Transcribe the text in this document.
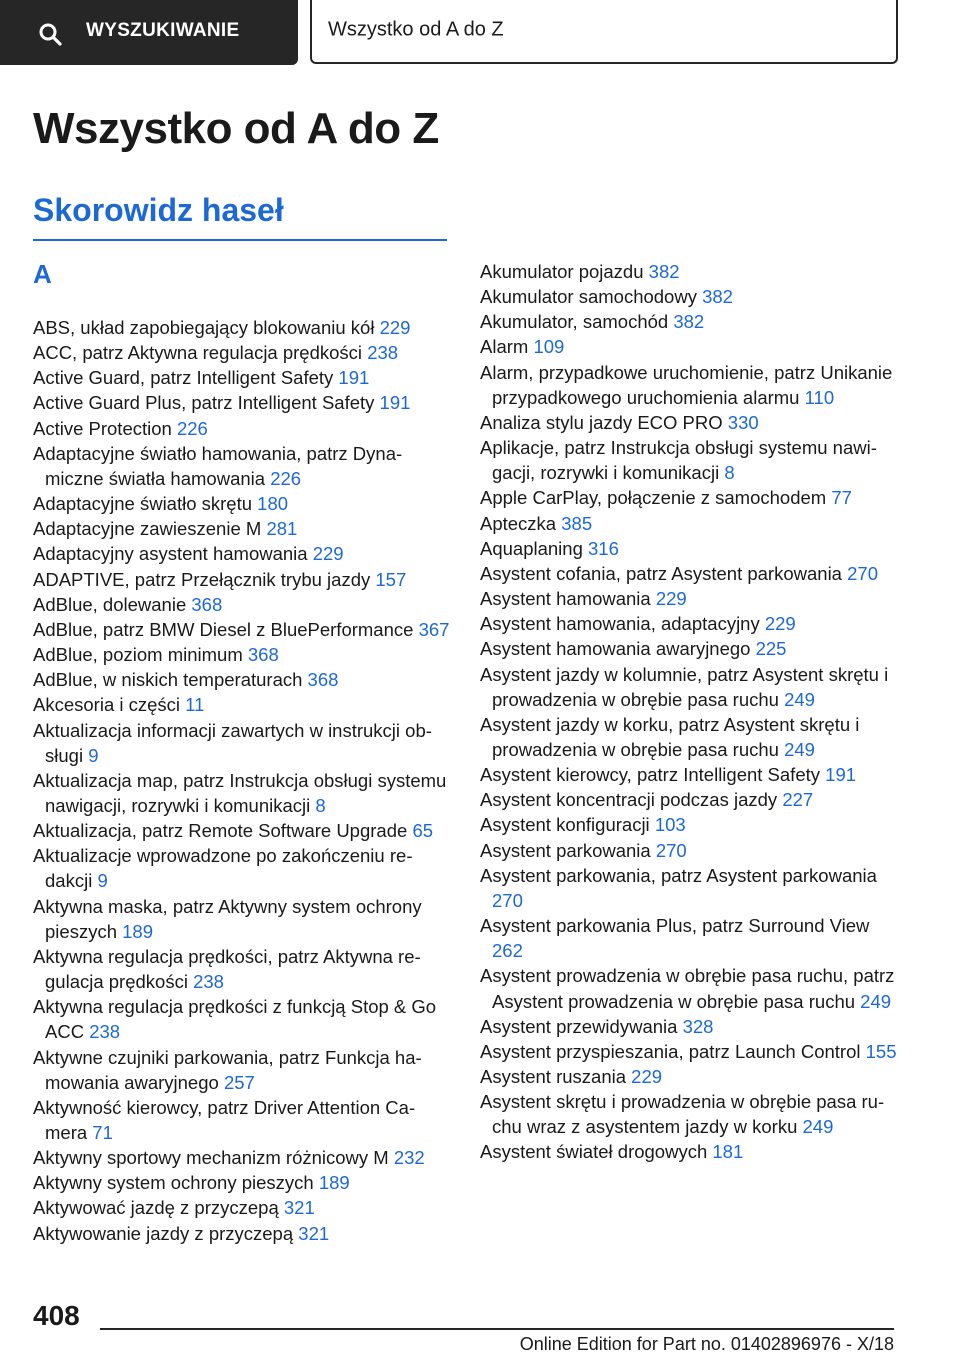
WYSZUKIWANIE	Wszystko od A do Z
Wszystko od A do Z
Skorowidz haseł
A
ABS, układ zapobiegający blokowaniu kół 229
ACC, patrz Aktywna regulacja prędkości 238
Active Guard, patrz Intelligent Safety 191
Active Guard Plus, patrz Intelligent Safety 191
Active Protection 226
Adaptacyjne światło hamowania, patrz Dynamiczne światła hamowania 226
Adaptacyjne światło skrętu 180
Adaptacyjne zawieszenie M 281
Adaptacyjny asystent hamowania 229
ADAPTIVE, patrz Przełącznik trybu jazdy 157
AdBlue, dolewanie 368
AdBlue, patrz BMW Diesel z BluePerformance 367
AdBlue, poziom minimum 368
AdBlue, w niskich temperaturach 368
Akcesoria i części 11
Aktualizacja informacji zawartych w instrukcji obsługi 9
Aktualizacja map, patrz Instrukcja obsługi systemu nawigacji, rozrywki i komunikacji 8
Aktualizacja, patrz Remote Software Upgrade 65
Aktualizacje wprowadzone po zakończeniu redakcji 9
Aktywna maska, patrz Aktywny system ochrony pieszych 189
Aktywna regulacja prędkości, patrz Aktywna regulacja prędkości 238
Aktywna regulacja prędkości z funkcją Stop & Go ACC 238
Aktywne czujniki parkowania, patrz Funkcja hamowania awaryjnego 257
Aktywność kierowcy, patrz Driver Attention Camera 71
Aktywny sportowy mechanizm różnicowy M 232
Aktywny system ochrony pieszych 189
Aktywować jazdę z przyczepą 321
Aktywowanie jazdy z przyczepą 321
Akumulator pojazdu 382
Akumulator samochodowy 382
Akumulator, samochód 382
Alarm 109
Alarm, przypadkowe uruchomienie, patrz Unikanie przypadkowego uruchomienia alarmu 110
Analiza stylu jazdy ECO PRO 330
Aplikacje, patrz Instrukcja obsługi systemu nawigacji, rozrywki i komunikacji 8
Apple CarPlay, połączenie z samochodem 77
Apteczka 385
Aquaplaning 316
Asystent cofania, patrz Asystent parkowania 270
Asystent hamowania 229
Asystent hamowania, adaptacyjny 229
Asystent hamowania awaryjnego 225
Asystent jazdy w kolumnie, patrz Asystent skrętu i prowadzenia w obrębie pasa ruchu 249
Asystent jazdy w korku, patrz Asystent skrętu i prowadzenia w obrębie pasa ruchu 249
Asystent kierowcy, patrz Intelligent Safety 191
Asystent koncentracji podczas jazdy 227
Asystent konfiguracji 103
Asystent parkowania 270
Asystent parkowania, patrz Asystent parkowania 270
Asystent parkowania Plus, patrz Surround View 262
Asystent prowadzenia w obrębie pasa ruchu, patrz Asystent prowadzenia w obrębie pasa ruchu 249
Asystent przewidywania 328
Asystent przyspieszania, patrz Launch Control 155
Asystent ruszania 229
Asystent skrętu i prowadzenia w obrębie pasa ruchu wraz z asystentem jazdy w korku 249
Asystent świateł drogowych 181
408
Online Edition for Part no. 01402896976 - X/18
